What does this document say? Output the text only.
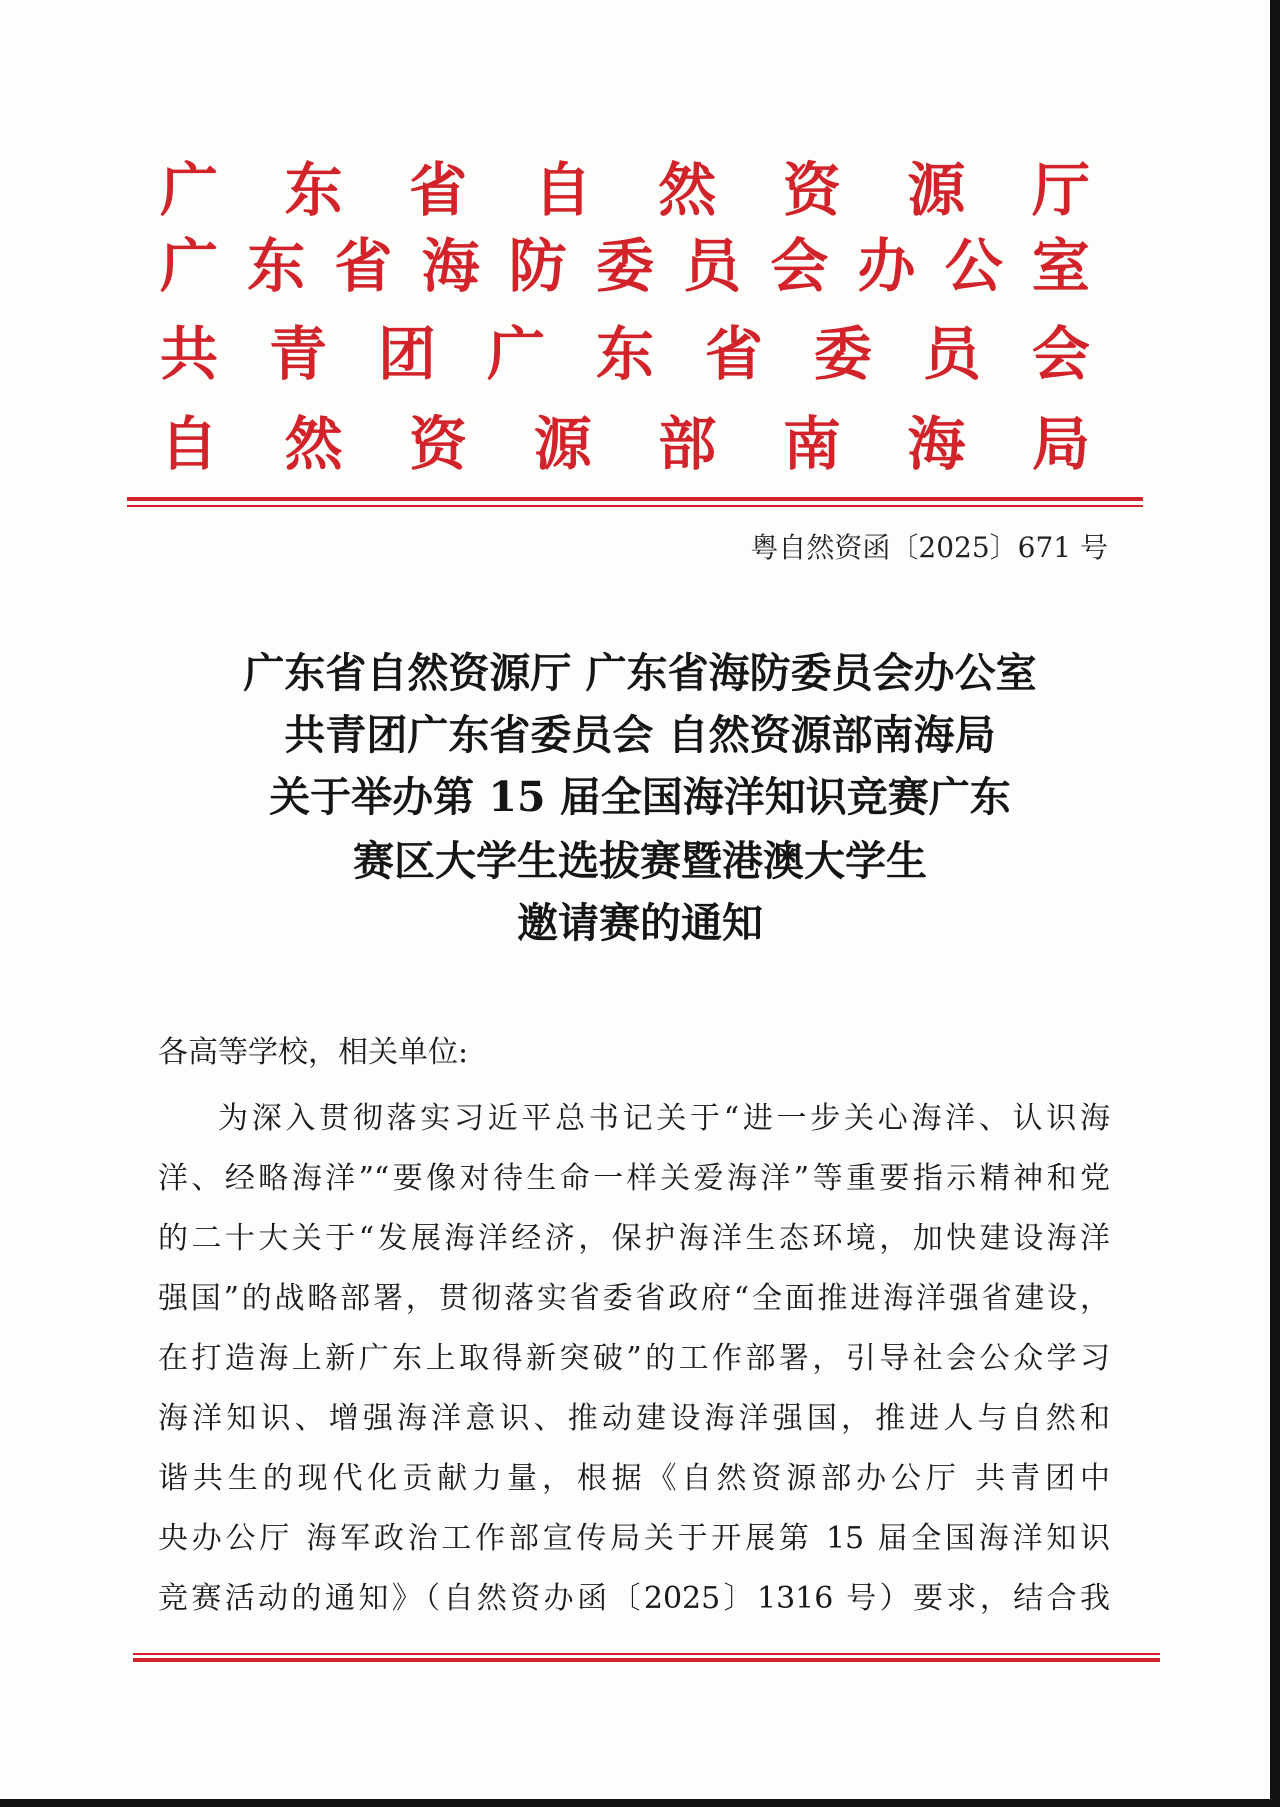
广 东 省 自 然 资 源 厅
广 东 省 海 防 委 员 会 办 公 室
共 青 团 广 东 省 委 员 会
自 然 资 源 部 南 海 局
粤自然资函〔2025〕671 号
广东省自然资源厅 广东省海防委员会办公室
共青团广东省委员会 自然资源部南海局
关于举办第 15 届全国海洋知识竞赛广东
赛区大学生选拔赛暨港澳大学生
邀请赛的通知
各高等学校，相关单位:
为深入贯彻落实习近平总书记关于“进一步关心海洋、认识海
洋、经略海洋”“要像对待生命一样关爱海洋”等重要指示精神和党
的二十大关于“发展海洋经济，保护海洋生态环境，加快建设海洋
强国”的战略部署，贯彻落实省委省政府“全面推进海洋强省建设，
在打造海上新广东上取得新突破”的工作部署，引导社会公众学习
海洋知识、增强海洋意识、推动建设海洋强国，推进人与自然和
谐共生的现代化贡献力量，根据《自然资源部办公厅 共青团中
央办公厅 海军政治工作部宣传局关于开展第 15 届全国海洋知识
竞赛活动的通知》（自然资办函〔2025〕1316 号）要求，结合我
